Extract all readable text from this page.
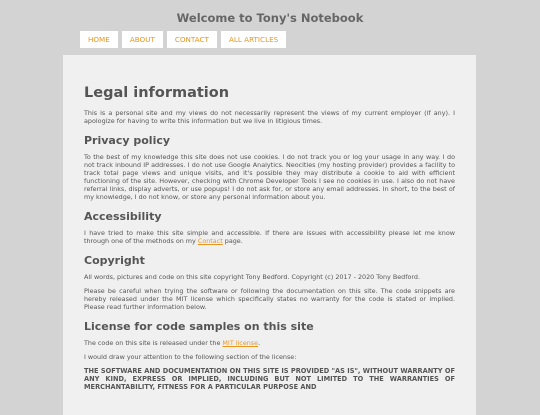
Welcome to Tony's Notebook
HOME	ABOUT	CONTACT	ALL ARTICLES
Legal information

This is a personal site and my views do not necessarily represent the views of my current employer (if any). I apologize for having to write this information but we live in litigious times.

Privacy policy

To the best of my knowledge this site does not use cookies. I do not track you or log your usage in any way. I do not track inbound IP addresses. I do not use Google Analytics. Neocities (my hosting provider) provides a facility to track total page views and unique visits, and it's possible they may distribute a cookie to aid with efficient functioning of the site. However, checking with Chrome Developer Tools I see no cookies in use. I also do not have referral links, display adverts, or use popups! I do not ask for, or store any email addresses. In short, to the best of my knowledge, I do not know, or store any personal information about you.

Accessibility

I have tried to make this site simple and accessible. If there are issues with accessibility please let me know through one of the methods on my Contact page.

Copyright

All words, pictures and code on this site copyright Tony Bedford. Copyright (c) 2017 - 2020 Tony Bedford.

Please be careful when trying the software or following the documentation on this site. The code snippets are hereby released under the MIT license which specifically states no warranty for the code is stated or implied. Please read further information below.

License for code samples on this site

The code on this site is released under the MIT license.

I would draw your attention to the following section of the license:

THE SOFTWARE AND DOCUMENTATION ON THIS SITE IS PROVIDED "AS IS", WITHOUT WARRANTY OF ANY KIND, EXPRESS OR IMPLIED, INCLUDING BUT NOT LIMITED TO THE WARRANTIES OF MERCHANTABILITY, FITNESS FOR A PARTICULAR PURPOSE AND
